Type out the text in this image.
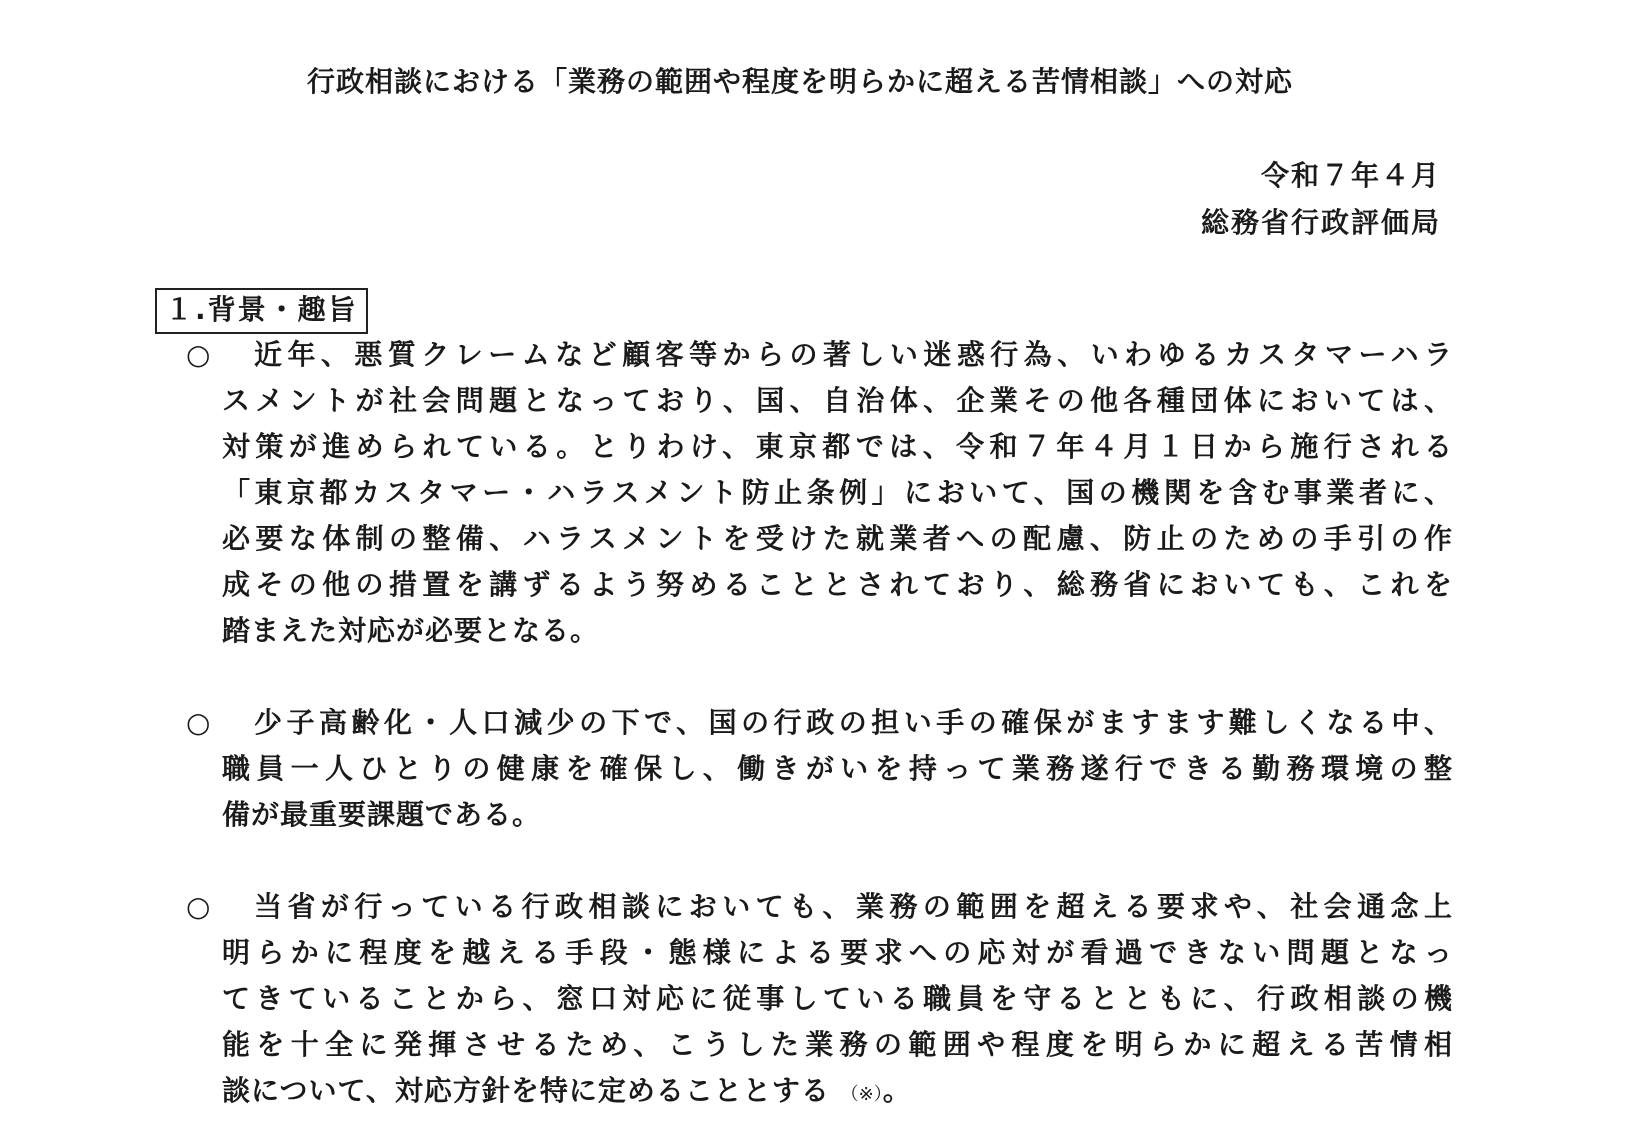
行政相談における「業務の範囲や程度を明らかに超える苦情相談」への対応
令和７年４月
総務省行政評価局
１.背景・趣旨
○	近年、悪質クレームなど顧客等からの著しい迷惑行為、いわゆるカスタマーハラ
スメントが社会問題となっており、国、自治体、企業その他各種団体においては、
対策が進められている。とりわけ、東京都では、令和７年４月１日から施行される
「東京都カスタマー・ハラスメント防止条例」において、国の機関を含む事業者に、
必要な体制の整備、ハラスメントを受けた就業者への配慮、防止のための手引の作
成その他の措置を講ずるよう努めることとされており、総務省においても、これを
踏まえた対応が必要となる。
○	少子高齢化・人口減少の下で、国の行政の担い手の確保がますます難しくなる中、
職員一人ひとりの健康を確保し、働きがいを持って業務遂行できる勤務環境の整
備が最重要課題である。
○	当省が行っている行政相談においても、業務の範囲を超える要求や、社会通念上
明らかに程度を越える手段・態様による要求への応対が看過できない問題となっ
てきていることから、窓口対応に従事している職員を守るとともに、行政相談の機
能を十全に発揮させるため、こうした業務の範囲や程度を明らかに超える苦情相
談について、対応方針を特に定めることとする （※）。
